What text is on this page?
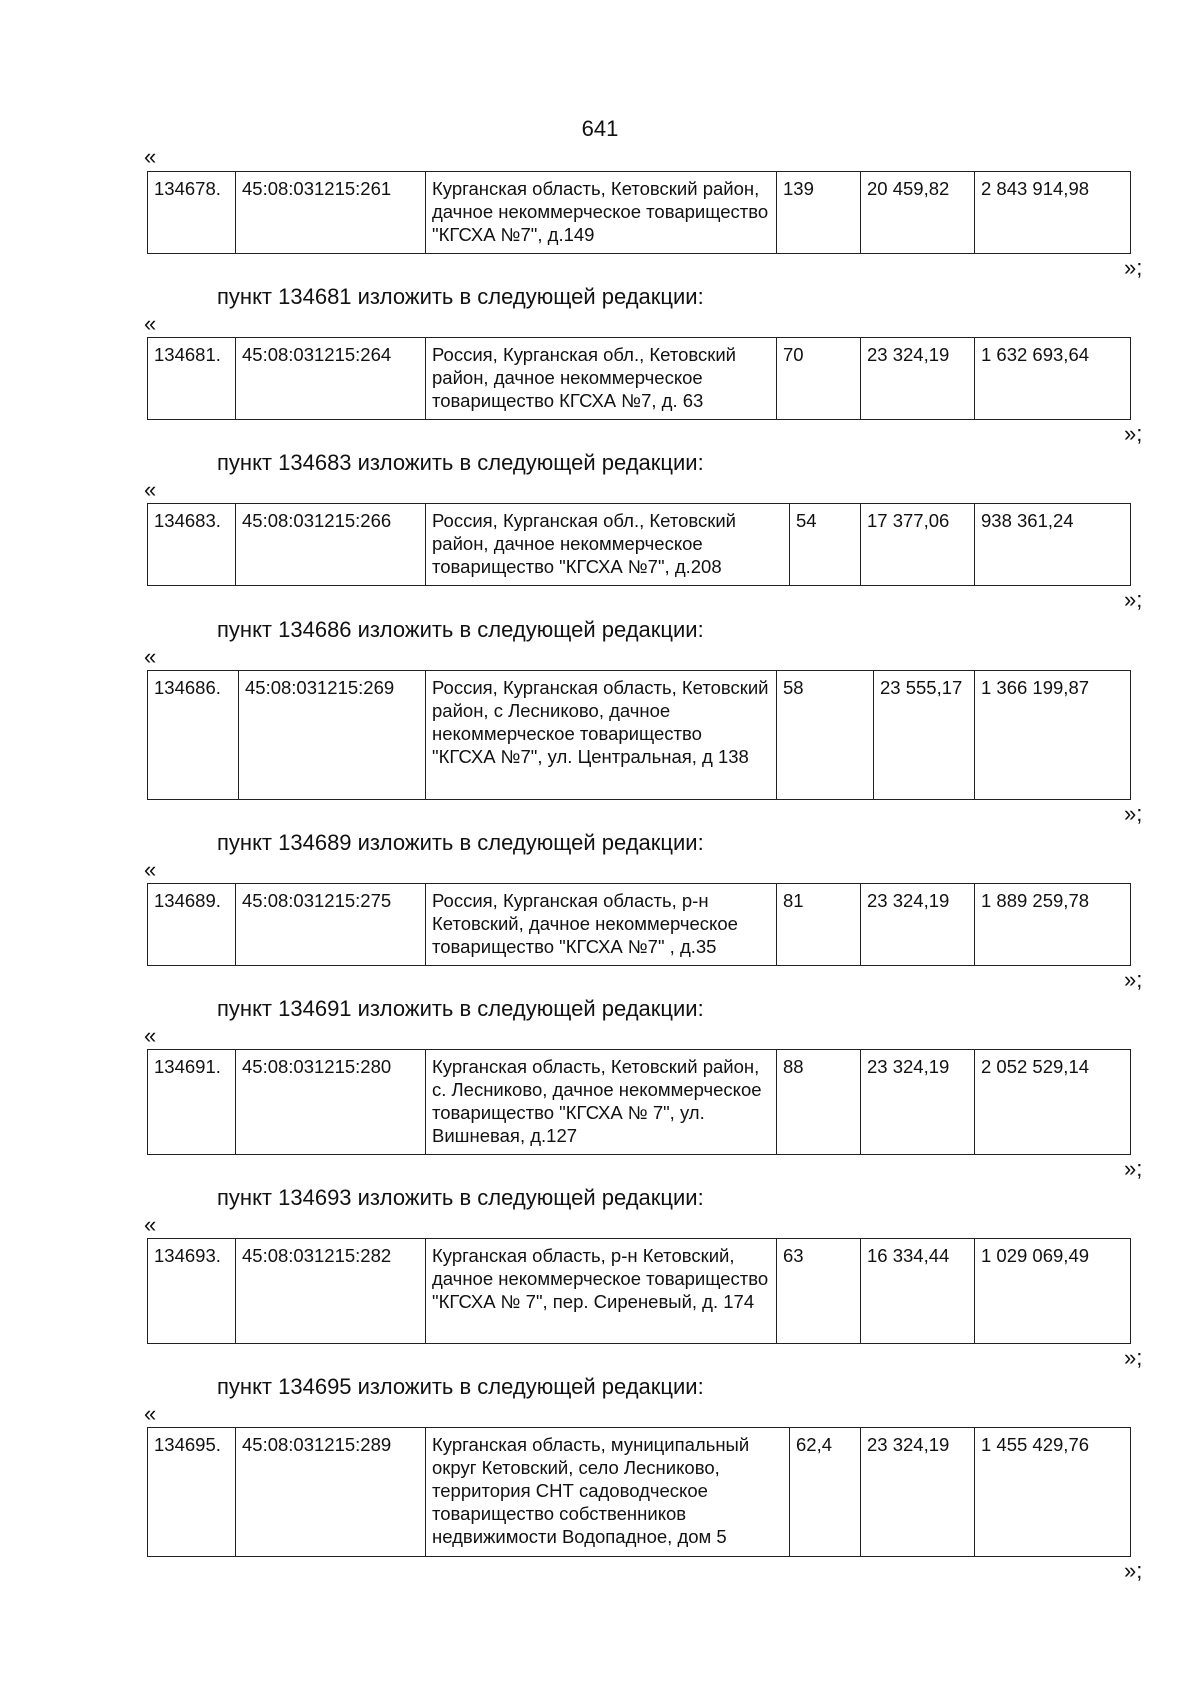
641
«
134678.	45:08:031215:261	Курганская область, Кетовский район, дачное некоммерческое товарищество "КГСХА №7", д.149	139	20 459,82	2 843 914,98
»;
пункт 134681 изложить в следующей редакции:
«
134681.	45:08:031215:264	Россия, Курганская обл., Кетовский район, дачное некоммерческое товарищество КГСХА №7, д. 63	70	23 324,19	1 632 693,64
»;
пункт 134683 изложить в следующей редакции:
«
134683.	45:08:031215:266	Россия, Курганская обл., Кетовский район, дачное некоммерческое товарищество "КГСХА №7", д.208	54	17 377,06	938 361,24
»;
пункт 134686 изложить в следующей редакции:
«
134686.	45:08:031215:269	Россия, Курганская область, Кетовский район, с Лесниково, дачное некоммерческое товарищество "КГСХА №7", ул. Центральная, д 138	58	23 555,17	1 366 199,87
»;
пункт 134689 изложить в следующей редакции:
«
134689.	45:08:031215:275	Россия, Курганская область, р-н Кетовский, дачное некоммерческое товарищество "КГСХА №7" , д.35	81	23 324,19	1 889 259,78
»;
пункт 134691 изложить в следующей редакции:
«
134691.	45:08:031215:280	Курганская область, Кетовский район, с. Лесниково, дачное некоммерческое товарищество "КГСХА № 7", ул. Вишневая, д.127	88	23 324,19	2 052 529,14
»;
пункт 134693 изложить в следующей редакции:
«
134693.	45:08:031215:282	Курганская область, р-н Кетовский, дачное некоммерческое товарищество "КГСХА № 7", пер. Сиреневый, д. 174	63	16 334,44	1 029 069,49
»;
пункт 134695 изложить в следующей редакции:
«
134695.	45:08:031215:289	Курганская область, муниципальный округ Кетовский, село Лесниково, территория СНТ садоводческое товарищество собственников недвижимости Водопадное, дом 5	62,4	23 324,19	1 455 429,76
»;
